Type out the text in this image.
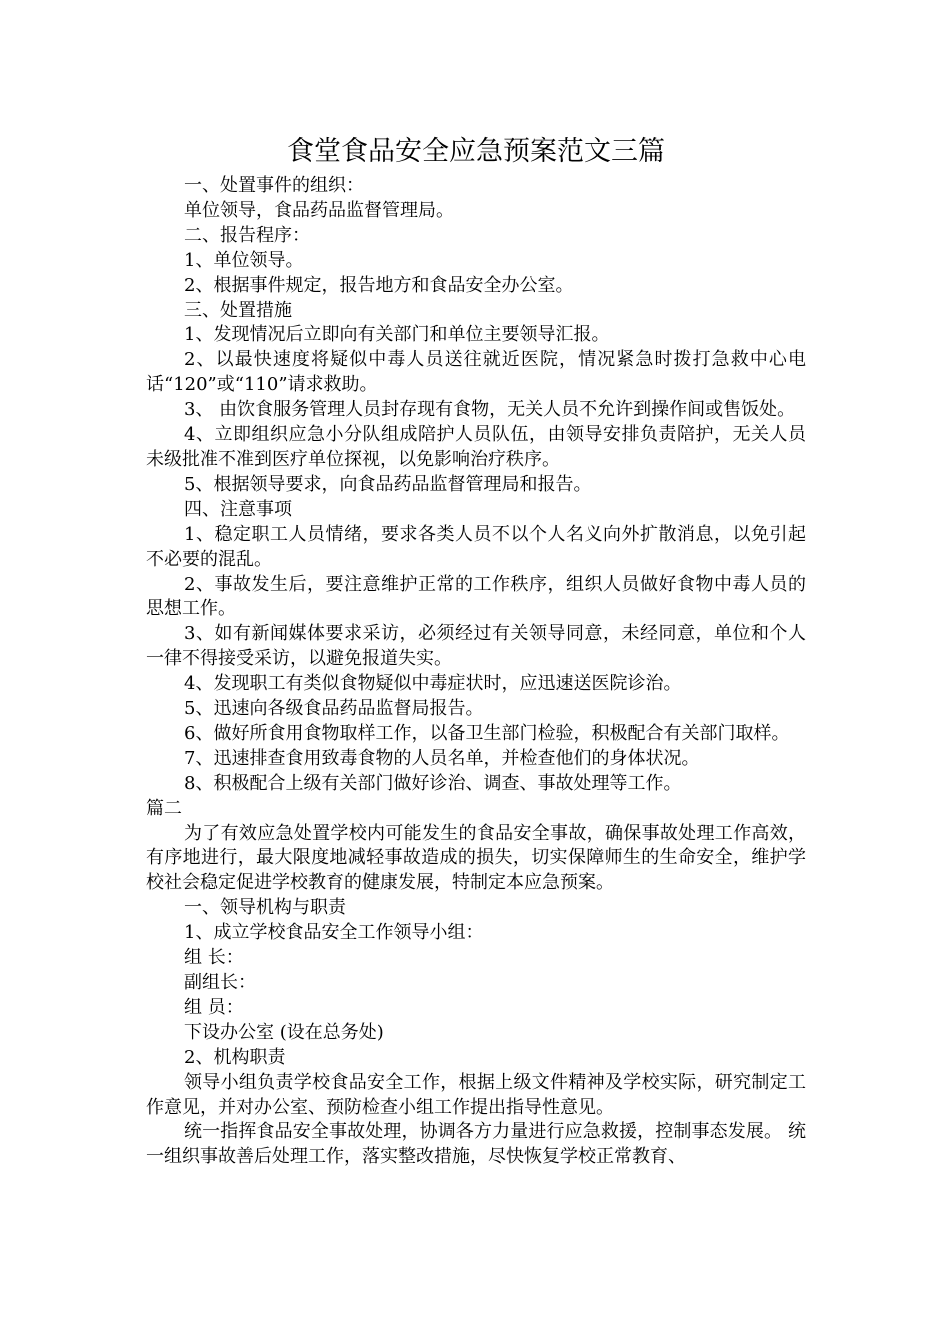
食堂食品安全应急预案范文三篇

一、处置事件的组织：

单位领导，食品药品监督管理局。

二、报告程序：

1、单位领导。

2、根据事件规定，报告地方和食品安全办公室。

三、处置措施

1、发现情况后立即向有关部门和单位主要领导汇报。

2、以最快速度将疑似中毒人员送往就近医院，情况紧急时拨打急救中心电话“120”或“110”请求救助。

3、 由饮食服务管理人员封存现有食物，无关人员不允许到操作间或售饭处。

4、立即组织应急小分队组成陪护人员队伍，由领导安排负责陪护，无关人员未级批准不准到医疗单位探视，以免影响治疗秩序。

5、根据领导要求，向食品药品监督管理局和报告。

四、注意事项

1、稳定职工人员情绪，要求各类人员不以个人名义向外扩散消息，以免引起不必要的混乱。

2、事故发生后，要注意维护正常的工作秩序，组织人员做好食物中毒人员的思想工作。

3、如有新闻媒体要求采访，必须经过有关领导同意，未经同意，单位和个人一律不得接受采访，以避免报道失实。

4、发现职工有类似食物疑似中毒症状时，应迅速送医院诊治。

5、迅速向各级食品药品监督局报告。

6、做好所食用食物取样工作，以备卫生部门检验，积极配合有关部门取样。

7、迅速排查食用致毒食物的人员名单，并检查他们的身体状况。

8、积极配合上级有关部门做好诊治、调查、事故处理等工作。

篇二

为了有效应急处置学校内可能发生的食品安全事故，确保事故处理工作高效，有序地进行，最大限度地减轻事故造成的损失，切实保障师生的生命安全，维护学校社会稳定促进学校教育的健康发展，特制定本应急预案。

一、领导机构与职责

1、成立学校食品安全工作领导小组：

组 长：

副组长：

组 员：

下设办公室 (设在总务处)

2、机构职责

领导小组负责学校食品安全工作，根据上级文件精神及学校实际，研究制定工作意见，并对办公室、预防检查小组工作提出指导性意见。

统一指挥食品安全事故处理，协调各方力量进行应急救援，控制事态发展。 统一组织事故善后处理工作，落实整改措施，尽快恢复学校正常教育、
